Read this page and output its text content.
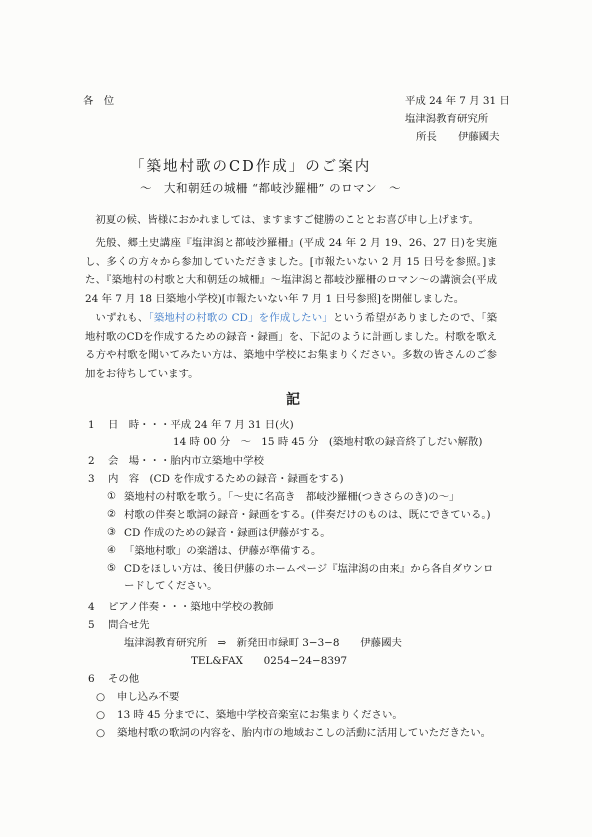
各　位	平成 24 年 7 月 31 日
塩津潟教育研究所
所長 伊藤國夫
「築地村歌のCD作成」のご案内
〜　大和朝廷の城柵 “都岐沙羅柵” のロマン　〜
初夏の候、皆様におかれましては、ますますご健勝のこととお喜び申し上げます。
先般、郷土史講座『塩津潟と都岐沙羅柵』(平成 24 年 2 月 19、26、27 日)を実施し、多くの方々から参加していただきました。[市報たいない 2 月 15 日号を参照。]また、『築地村の村歌と大和朝廷の城柵』〜塩津潟と都岐沙羅柵のロマン〜の講演会(平成 24 年 7 月 18 日築地小学校)[市報たいない年 7 月 1 日号参照]を開催しました。
いずれも、「築地村の村歌の CD」を作成したい」という希望がありましたので、「築地村歌のCDを作成するための録音・録画」を、下記のように計画しました。村歌を歌える方や村歌を聞いてみたい方は、築地中学校にお集まりください。多数の皆さんのご参加をお待ちしています。
記
1 日　時・・・平成 24 年 7 月 31 日(火)
14 時 00 分　〜　15 時 45 分　(築地村歌の録音終了しだい解散)
2 会　場・・・胎内市立築地中学校
3 内　容　(CD を作成するための録音・録画をする)
① 築地村の村歌を歌う。「〜史に名高き　都岐沙羅柵(つきさらのき)の〜」
② 村歌の伴奏と歌詞の録音・録画をする。(伴奏だけのものは、既にできている。)
③ CD 作成のための録音・録画は伊藤がする。
④ 「築地村歌」の楽譜は、伊藤が準備する。
⑤ CDをほしい方は、後日伊藤のホームページ『塩津潟の由来』から各自ダウンロ
ードしてください。
4 ピアノ伴奏・・・築地中学校の教師
5 問合せ先
塩津潟教育研究所　⇒　新発田市緑町 3−3−8　　伊藤國夫
TEL&FAX　　0254−24−8397
6 その他
○ 申し込み不要
○ 13 時 45 分までに、築地中学校音楽室にお集まりください。
○ 築地村歌の歌詞の内容を、胎内市の地域おこしの活動に活用していただきたい。
